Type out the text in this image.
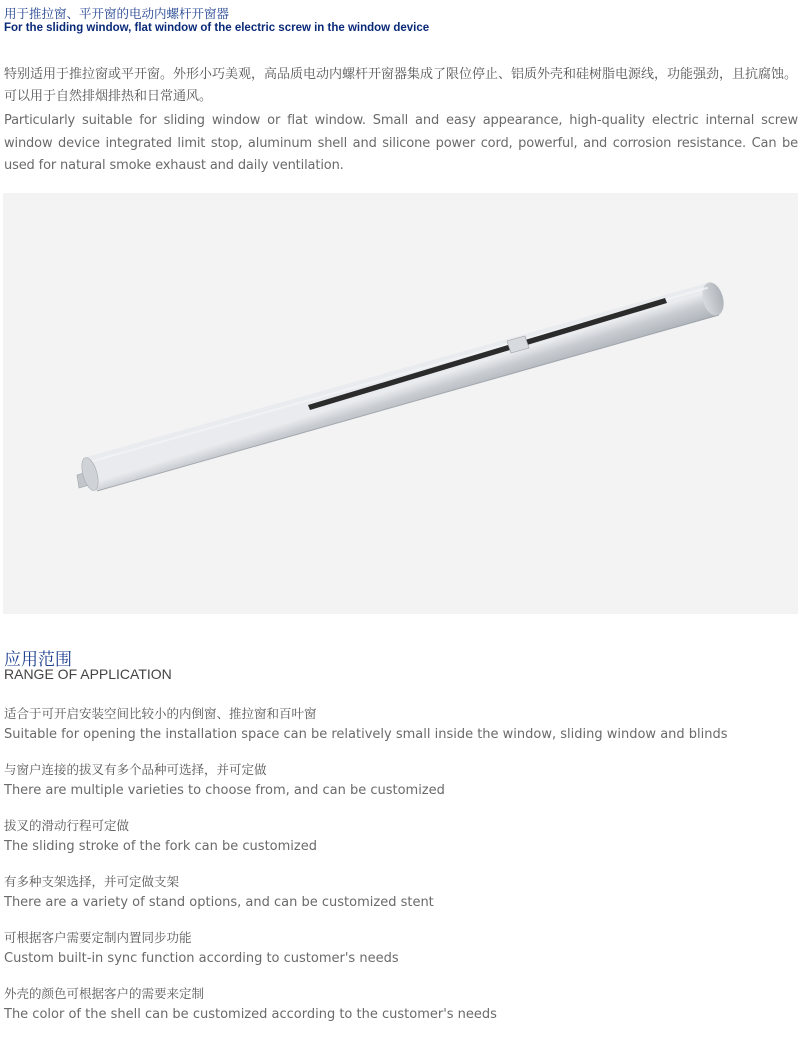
用于推拉窗、平开窗的电动内螺杆开窗器
For the sliding window, flat window of the electric screw in the window device
特别适用于推拉窗或平开窗。外形小巧美观，高品质电动内螺杆开窗器集成了限位停止、铝质外壳和硅树脂电源线，功能强劲，且抗腐蚀。可以用于自然排烟排热和日常通风。
Particularly suitable for sliding window or flat window. Small and easy appearance, high-quality electric internal screw window device integrated limit stop, aluminum shell and silicone power cord, powerful, and corrosion resistance. Can be used for natural smoke exhaust and daily ventilation.
应用范围
RANGE OF APPLICATION
适合于可开启安装空间比较小的内倒窗、推拉窗和百叶窗
Suitable for opening the installation space can be relatively small inside the window, sliding window and blinds
与窗户连接的拔叉有多个品种可选择，并可定做
There are multiple varieties to choose from, and can be customized
拔叉的滑动行程可定做
The sliding stroke of the fork can be customized
有多种支架选择，并可定做支架
There are a variety of stand options, and can be customized stent
可根据客户需要定制内置同步功能
Custom built-in sync function according to customer's needs
外壳的颜色可根据客户的需要来定制
The color of the shell can be customized according to the customer's needs
